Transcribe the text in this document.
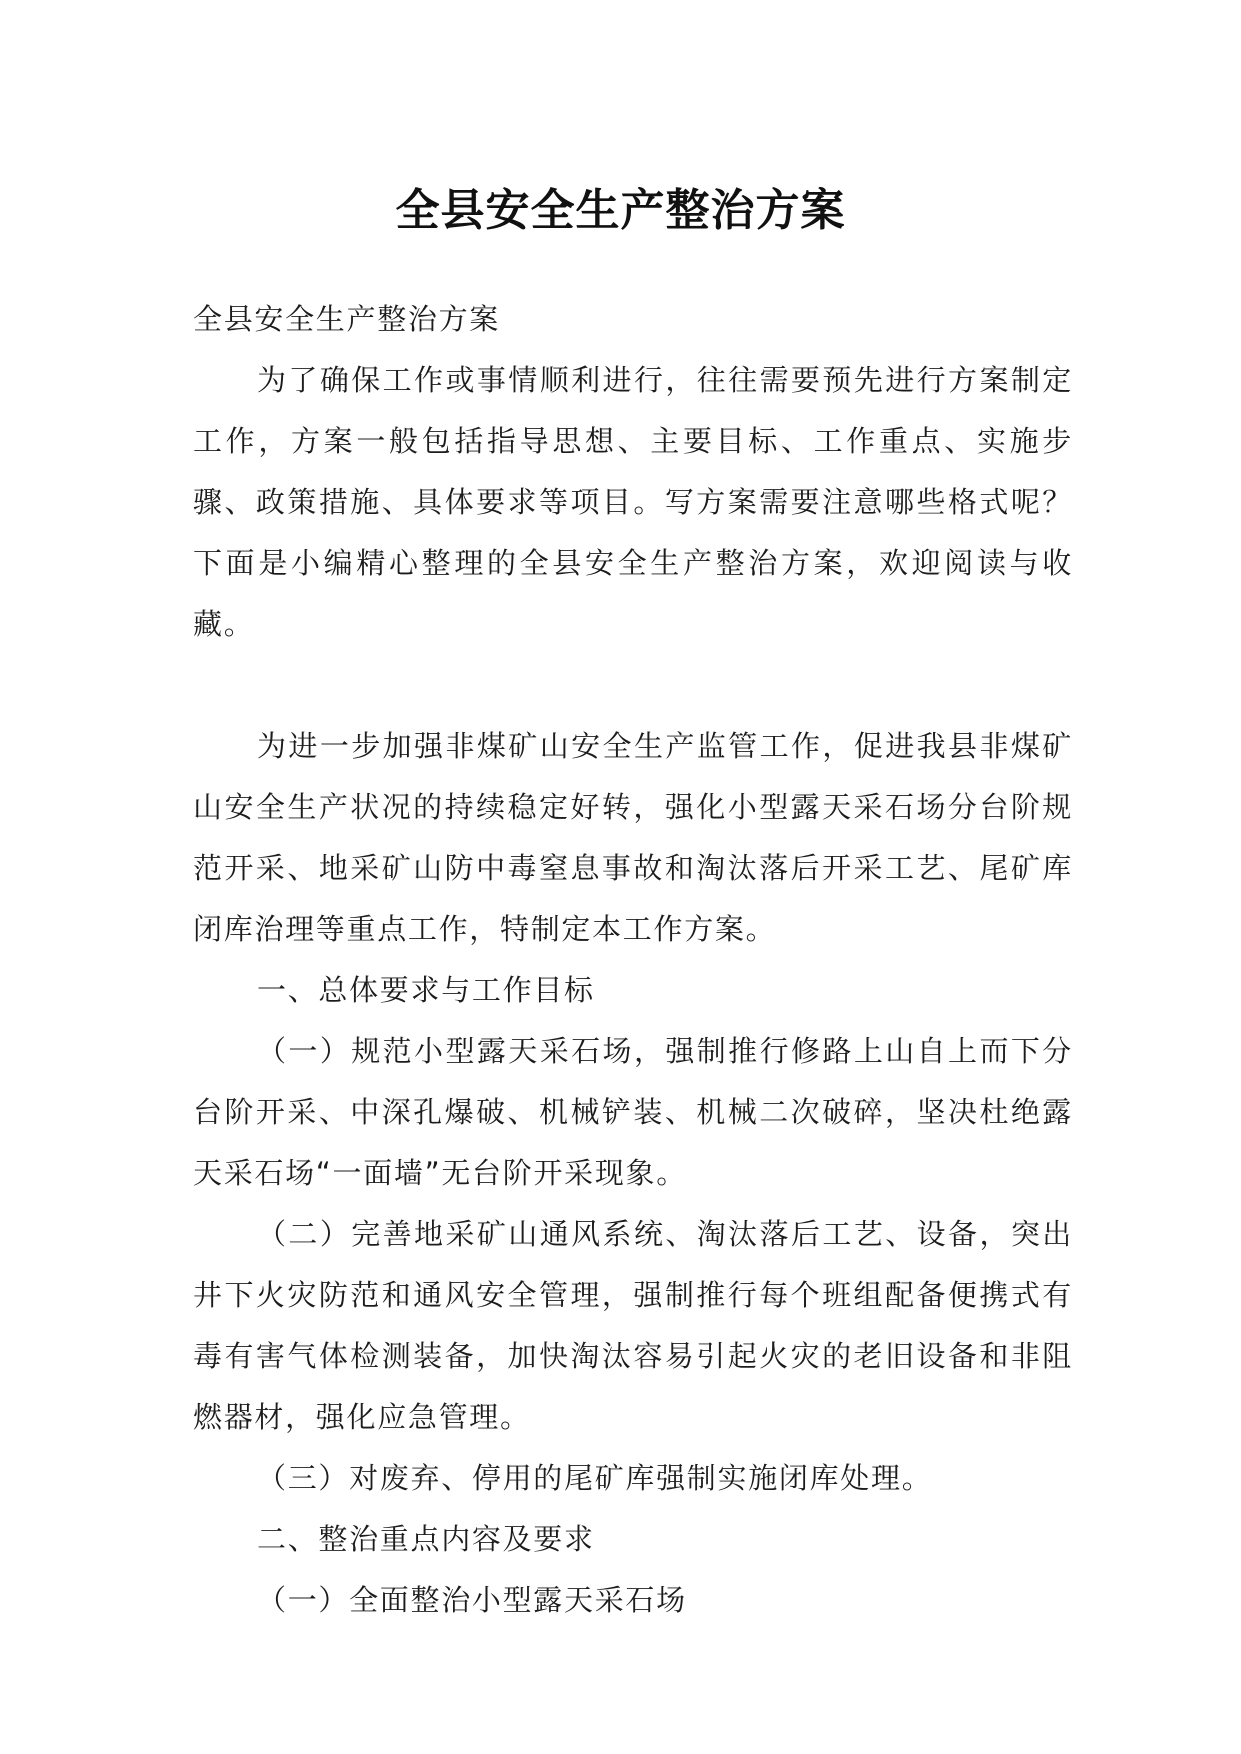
全县安全生产整治方案

全县安全生产整治方案

为了确保工作或事情顺利进行，往往需要预先进行方案制定工作，方案一般包括指导思想、主要目标、工作重点、实施步骤、政策措施、具体要求等项目。写方案需要注意哪些格式呢？下面是小编精心整理的全县安全生产整治方案，欢迎阅读与收藏。

为进一步加强非煤矿山安全生产监管工作，促进我县非煤矿山安全生产状况的持续稳定好转，强化小型露天采石场分台阶规范开采、地采矿山防中毒窒息事故和淘汰落后开采工艺、尾矿库闭库治理等重点工作，特制定本工作方案。

一、总体要求与工作目标

（一）规范小型露天采石场，强制推行修路上山自上而下分台阶开采、中深孔爆破、机械铲装、机械二次破碎，坚决杜绝露天采石场“一面墙”无台阶开采现象。

（二）完善地采矿山通风系统、淘汰落后工艺、设备，突出井下火灾防范和通风安全管理，强制推行每个班组配备便携式有毒有害气体检测装备，加快淘汰容易引起火灾的老旧设备和非阻燃器材，强化应急管理。

（三）对废弃、停用的尾矿库强制实施闭库处理。

二、整治重点内容及要求

（一）全面整治小型露天采石场
